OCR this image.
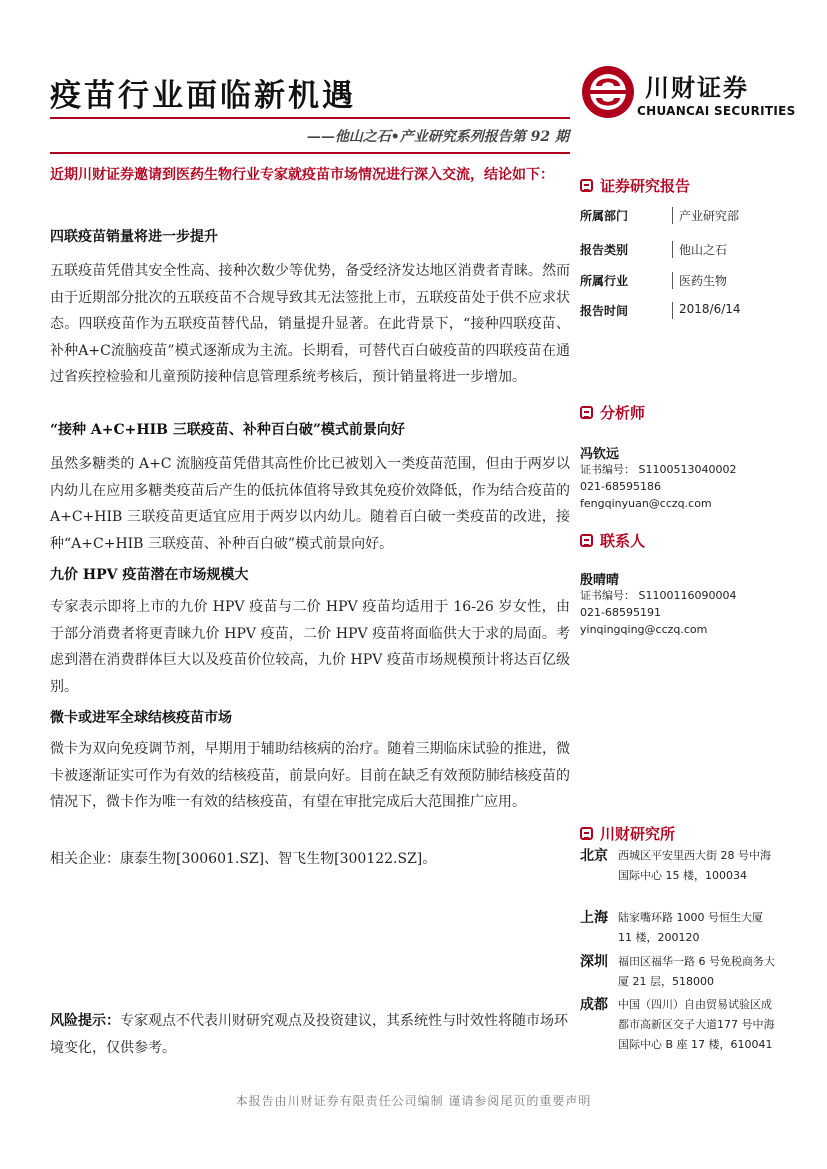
疫苗行业面临新机遇
——他山之石•产业研究系列报告第 92 期
川财证券
CHUANCAI SECURITIES
近期川财证券邀请到医药生物行业专家就疫苗市场情况进行深入交流，结论如下：
四联疫苗销量将进一步提升
五联疫苗凭借其安全性高、接种次数少等优势，备受经济发达地区消费者青睐。然而由于近期部分批次的五联疫苗不合规导致其无法签批上市，五联疫苗处于供不应求状态。四联疫苗作为五联疫苗替代品，销量提升显著。在此背景下，“接种四联疫苗、补种A+C流脑疫苗”模式逐渐成为主流。长期看，可替代百白破疫苗的四联疫苗在通过省疾控检验和儿童预防接种信息管理系统考核后，预计销量将进一步增加。
“接种 A+C+HIB 三联疫苗、补种百白破”模式前景向好
虽然多糖类的 A+C 流脑疫苗凭借其高性价比已被划入一类疫苗范围，但由于两岁以内幼儿在应用多糖类疫苗后产生的低抗体值将导致其免疫价效降低，作为结合疫苗的 A+C+HIB 三联疫苗更适宜应用于两岁以内幼儿。随着百白破一类疫苗的改进，接种“A+C+HIB 三联疫苗、补种百白破”模式前景向好。
九价 HPV 疫苗潜在市场规模大
专家表示即将上市的九价 HPV 疫苗与二价 HPV 疫苗均适用于 16-26 岁女性，由于部分消费者将更青睐九价 HPV 疫苗，二价 HPV 疫苗将面临供大于求的局面。考虑到潜在消费群体巨大以及疫苗价位较高，九价 HPV 疫苗市场规模预计将达百亿级别。
微卡或进军全球结核疫苗市场
微卡为双向免疫调节剂，早期用于辅助结核病的治疗。随着三期临床试验的推进，微卡被逐渐证实可作为有效的结核疫苗，前景向好。目前在缺乏有效预防肺结核疫苗的情况下，微卡作为唯一有效的结核疫苗，有望在审批完成后大范围推广应用。
相关企业：康泰生物[300601.SZ]、智飞生物[300122.SZ]。
风险提示：专家观点不代表川财研究观点及投资建议，其系统性与时效性将随市场环境变化，仅供参考。
证券研究报告
所属部门	产业研究部
报告类别	他山之石
所属行业	医药生物
报告时间	2018/6/14
分析师
冯钦远
证书编号： S1100513040002
021-68595186
fengqinyuan@cczq.com
联系人
殷晴晴
证书编号： S1100116090004
021-68595191
yinqingqing@cczq.com
川财研究所
北京 西城区平安里西大街 28 号中海国际中心 15 楼，100034
上海 陆家嘴环路 1000 号恒生大厦 11 楼，200120
深圳 福田区福华一路 6 号免税商务大厦 21 层，518000
成都 中国（四川）自由贸易试验区成都市高新区交子大道177 号中海国际中心 B 座 17 楼，610041
本报告由川财证券有限责任公司编制 谨请参阅尾页的重要声明
